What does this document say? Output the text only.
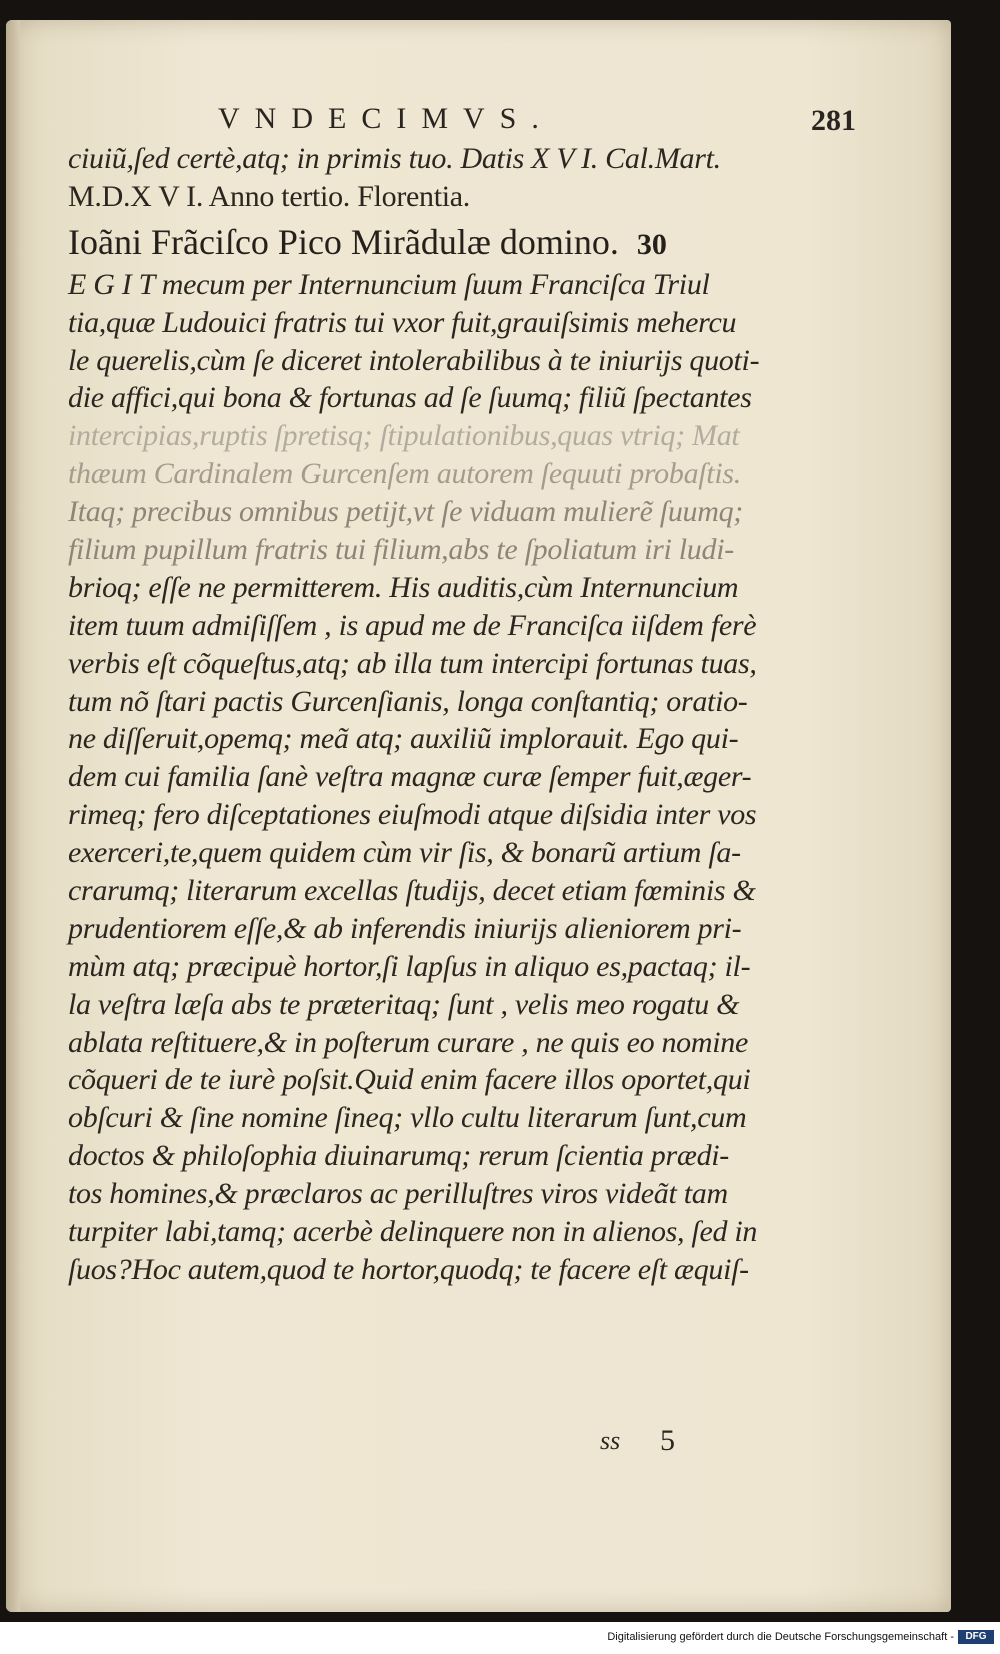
VNDECIMVS.	281
ciuiũ,ſed certè,atq; in primis tuo. Datis X V I. Cal.Mart.
M.D.X V I. Anno tertio. Florentia.
Ioãni Frãciſco Pico Mirãdulæ domino. 30
E G I T mecum per Internuncium ſuum Franciſca Triul
tia,quæ Ludouici fratris tui vxor fuit,grauiſsimis mehercu
le querelis,cùm ſe diceret intolerabilibus à te iniurijs quoti-
die affici,qui bona & fortunas ad ſe ſuumq; filiũ ſpectantes
intercipias,ruptis ſpretisq; ſtipulationibus,quas vtriq; Mat
thæum Cardinalem Gurcenſem autorem ſequuti probaſtis.
Itaq; precibus omnibus petijt,vt ſe viduam mulierẽ ſuumq;
filium pupillum fratris tui filium,abs te ſpoliatum iri ludi-
brioq; eſſe ne permitterem. His auditis,cùm Internuncium
item tuum admiſiſſem , is apud me de Franciſca iiſdem ferè
verbis eſt cõqueſtus,atq; ab illa tum intercipi fortunas tuas,
tum nõ ſtari pactis Gurcenſianis, longa conſtantiq; oratio-
ne diſſeruit,opemq; meã atq; auxiliũ implorauit. Ego qui-
dem cui familia ſanè veſtra magnæ curæ ſemper fuit,æger-
rimeq; fero diſceptationes eiuſmodi atque diſsidia inter vos
exerceri,te,quem quidem cùm vir ſis, & bonarũ artium ſa-
crarumq; literarum excellas ſtudijs, decet etiam fœminis &
prudentiorem eſſe,& ab inferendis iniurijs alieniorem pri-
mùm atq; præcipuè hortor,ſi lapſus in aliquo es,pactaq; il-
la veſtra læſa abs te præteritaq; ſunt , velis meo rogatu &
ablata reſtituere,& in poſterum curare , ne quis eo nomine
cõqueri de te iurè poſsit.Quid enim facere illos oportet,qui
obſcuri & ſine nomine ſineq; vllo cultu literarum ſunt,cum
doctos & philoſophia diuinarumq; rerum ſcientia prædi-
tos homines,& præclaros ac perilluſtres viros videãt tam
turpiter labi,tamq; acerbè delinquere non in alienos, ſed in
ſuos?Hoc autem,quod te hortor,quodq; te facere eſt æquiſ-
ss 5
Digitalisierung gefördert durch die Deutsche Forschungsgemeinschaft -	DFG
